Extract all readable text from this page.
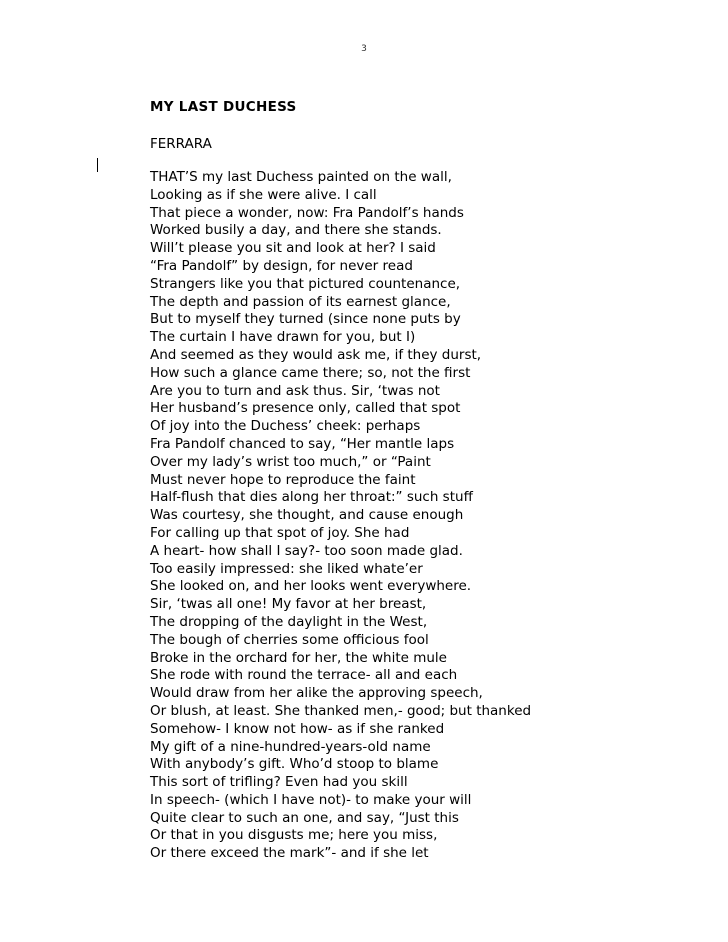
3
MY LAST DUCHESS
FERRARA
THAT’S my last Duchess painted on the wall,
Looking as if she were alive. I call
That piece a wonder, now: Fra Pandolf’s hands
Worked busily a day, and there she stands.
Will’t please you sit and look at her? I said
“Fra Pandolf” by design, for never read
Strangers like you that pictured countenance,
The depth and passion of its earnest glance,
But to myself they turned (since none puts by
The curtain I have drawn for you, but I)
And seemed as they would ask me, if they durst,
How such a glance came there; so, not the first
Are you to turn and ask thus. Sir, ‘twas not
Her husband’s presence only, called that spot
Of joy into the Duchess’ cheek: perhaps
Fra Pandolf chanced to say, “Her mantle laps
Over my lady’s wrist too much,” or “Paint
Must never hope to reproduce the faint
Half-flush that dies along her throat:” such stuff
Was courtesy, she thought, and cause enough
For calling up that spot of joy. She had
A heart- how shall I say?- too soon made glad.
Too easily impressed: she liked whate’er
She looked on, and her looks went everywhere.
Sir, ‘twas all one! My favor at her breast,
The dropping of the daylight in the West,
The bough of cherries some officious fool
Broke in the orchard for her, the white mule
She rode with round the terrace- all and each
Would draw from her alike the approving speech,
Or blush, at least. She thanked men,- good; but thanked
Somehow- I know not how- as if she ranked
My gift of a nine-hundred-years-old name
With anybody’s gift. Who’d stoop to blame
This sort of trifling? Even had you skill
In speech- (which I have not)- to make your will
Quite clear to such an one, and say, “Just this
Or that in you disgusts me; here you miss,
Or there exceed the mark”- and if she let
